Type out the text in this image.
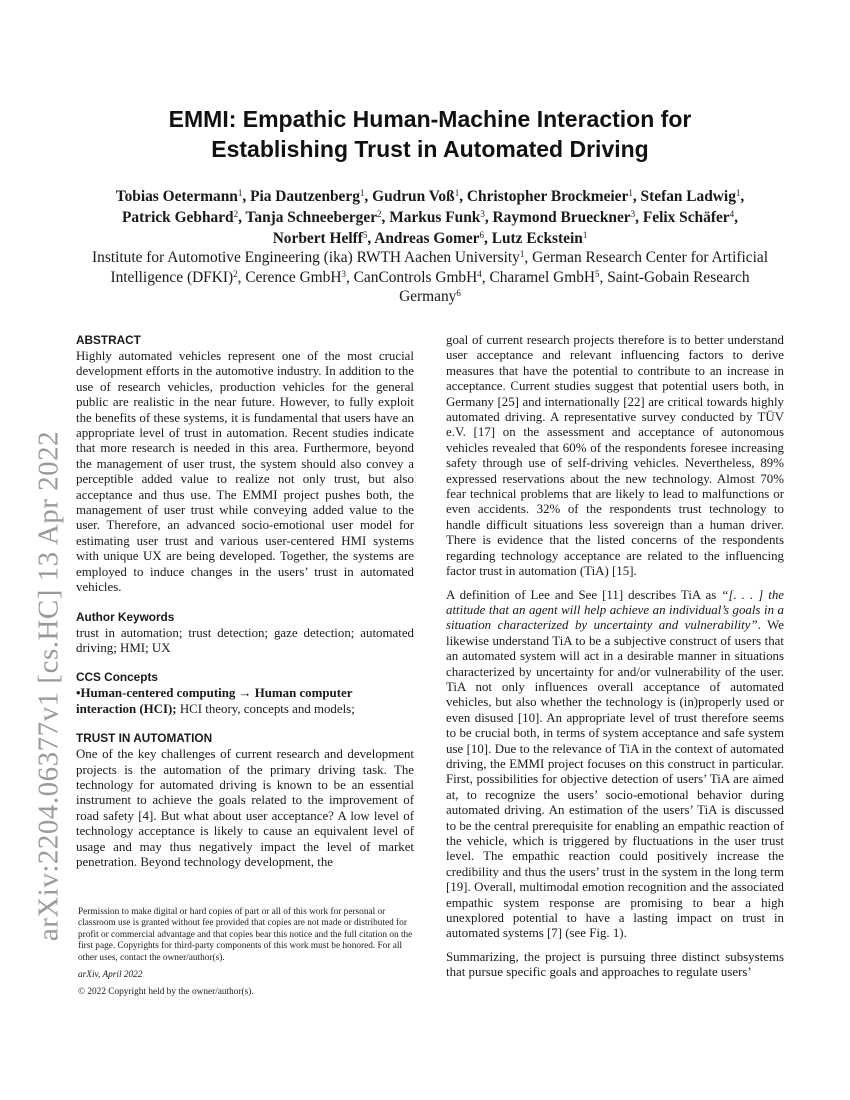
arXiv:2204.06377v1 [cs.HC] 13 Apr 2022
EMMI: Empathic Human-Machine Interaction for Establishing Trust in Automated Driving
Tobias Oetermann$^1$, Pia Dautzenberg$^1$, Gudrun Voß$^1$, Christopher Brockmeier$^1$, Stefan Ladwig$^1$,
Patrick Gebhard$^2$, Tanja Schneeberger$^2$, Markus Funk$^3$, Raymond Brueckner$^3$, Felix Schäfer$^4$,
Norbert Helff$^5$, Andreas Gomer$^6$, Lutz Eckstein$^1$
Institute for Automotive Engineering (ika) RWTH Aachen University$^1$, German Research Center for Artificial Intelligence (DFKI)$^2$, Cerence GmbH$^3$, CanControls GmbH$^4$, Charamel GmbH$^5$, Saint-Gobain Research Germany$^6$
ABSTRACT

Highly automated vehicles represent one of the most crucial development efforts in the automotive industry. In addition to the use of research vehicles, production vehicles for the general public are realistic in the near future. However, to fully exploit the benefits of these systems, it is fundamental that users have an appropriate level of trust in automation. Recent studies indicate that more research is needed in this area. Furthermore, beyond the management of user trust, the system should also convey a perceptible added value to realize not only trust, but also acceptance and thus use. The EMMI project pushes both, the management of user trust while conveying added value to the user. Therefore, an advanced socio-emotional user model for estimating user trust and various user-centered HMI systems with unique UX are being developed. Together, the systems are employed to induce changes in the users’ trust in automated vehicles.

Author Keywords

trust in automation; trust detection; gaze detection; automated driving; HMI; UX

CCS Concepts

•Human-centered computing → Human computer interaction (HCI); HCI theory, concepts and models;

TRUST IN AUTOMATION

One of the key challenges of current research and development projects is the automation of the primary driving task. The technology for automated driving is known to be an essential instrument to achieve the goals related to the improvement of road safety [4]. But what about user acceptance? A low level of technology acceptance is likely to cause an equivalent level of usage and may thus negatively impact the level of market penetration. Beyond technology development, the

Permission to make digital or hard copies of part or all of this work for personal or classroom use is granted without fee provided that copies are not made or distributed for profit or commercial advantage and that copies bear this notice and the full citation on the first page. Copyrights for third-party components of this work must be honored. For all other uses, contact the owner/author(s).
arXiv, April 2022
© 2022 Copyright held by the owner/author(s).

goal of current research projects therefore is to better understand user acceptance and relevant influencing factors to derive measures that have the potential to contribute to an increase in acceptance. Current studies suggest that potential users both, in Germany [25] and internationally [22] are critical towards highly automated driving. A representative survey conducted by TÜV e.V. [17] on the assessment and acceptance of autonomous vehicles revealed that 60% of the respondents foresee increasing safety through use of self-driving vehicles. Nevertheless, 89% expressed reservations about the new technology. Almost 70% fear technical problems that are likely to lead to malfunctions or even accidents. 32% of the respondents trust technology to handle difficult situations less sovereign than a human driver. There is evidence that the listed concerns of the respondents regarding technology acceptance are related to the influencing factor trust in automation (TiA) [15].

A definition of Lee and See [11] describes TiA as “[. . . ] the attitude that an agent will help achieve an individual’s goals in a situation characterized by uncertainty and vulnerability”. We likewise understand TiA to be a subjective construct of users that an automated system will act in a desirable manner in situations characterized by uncertainty for and/or vulnerability of the user. TiA not only influences overall acceptance of automated vehicles, but also whether the technology is (in)properly used or even disused [10]. An appropriate level of trust therefore seems to be crucial both, in terms of system acceptance and safe system use [10]. Due to the relevance of TiA in the context of automated driving, the EMMI project focuses on this construct in particular. First, possibilities for objective detection of users’ TiA are aimed at, to recognize the users’ socio-emotional behavior during automated driving. An estimation of the users’ TiA is discussed to be the central prerequisite for enabling an empathic reaction of the vehicle, which is triggered by fluctuations in the user trust level. The empathic reaction could positively increase the credibility and thus the users’ trust in the system in the long term [19]. Overall, multimodal emotion recognition and the associated empathic system response are promising to bear a high unexplored potential to have a lasting impact on trust in automated systems [7] (see Fig. 1).

Summarizing, the project is pursuing three distinct subsystems that pursue specific goals and approaches to regulate users’
